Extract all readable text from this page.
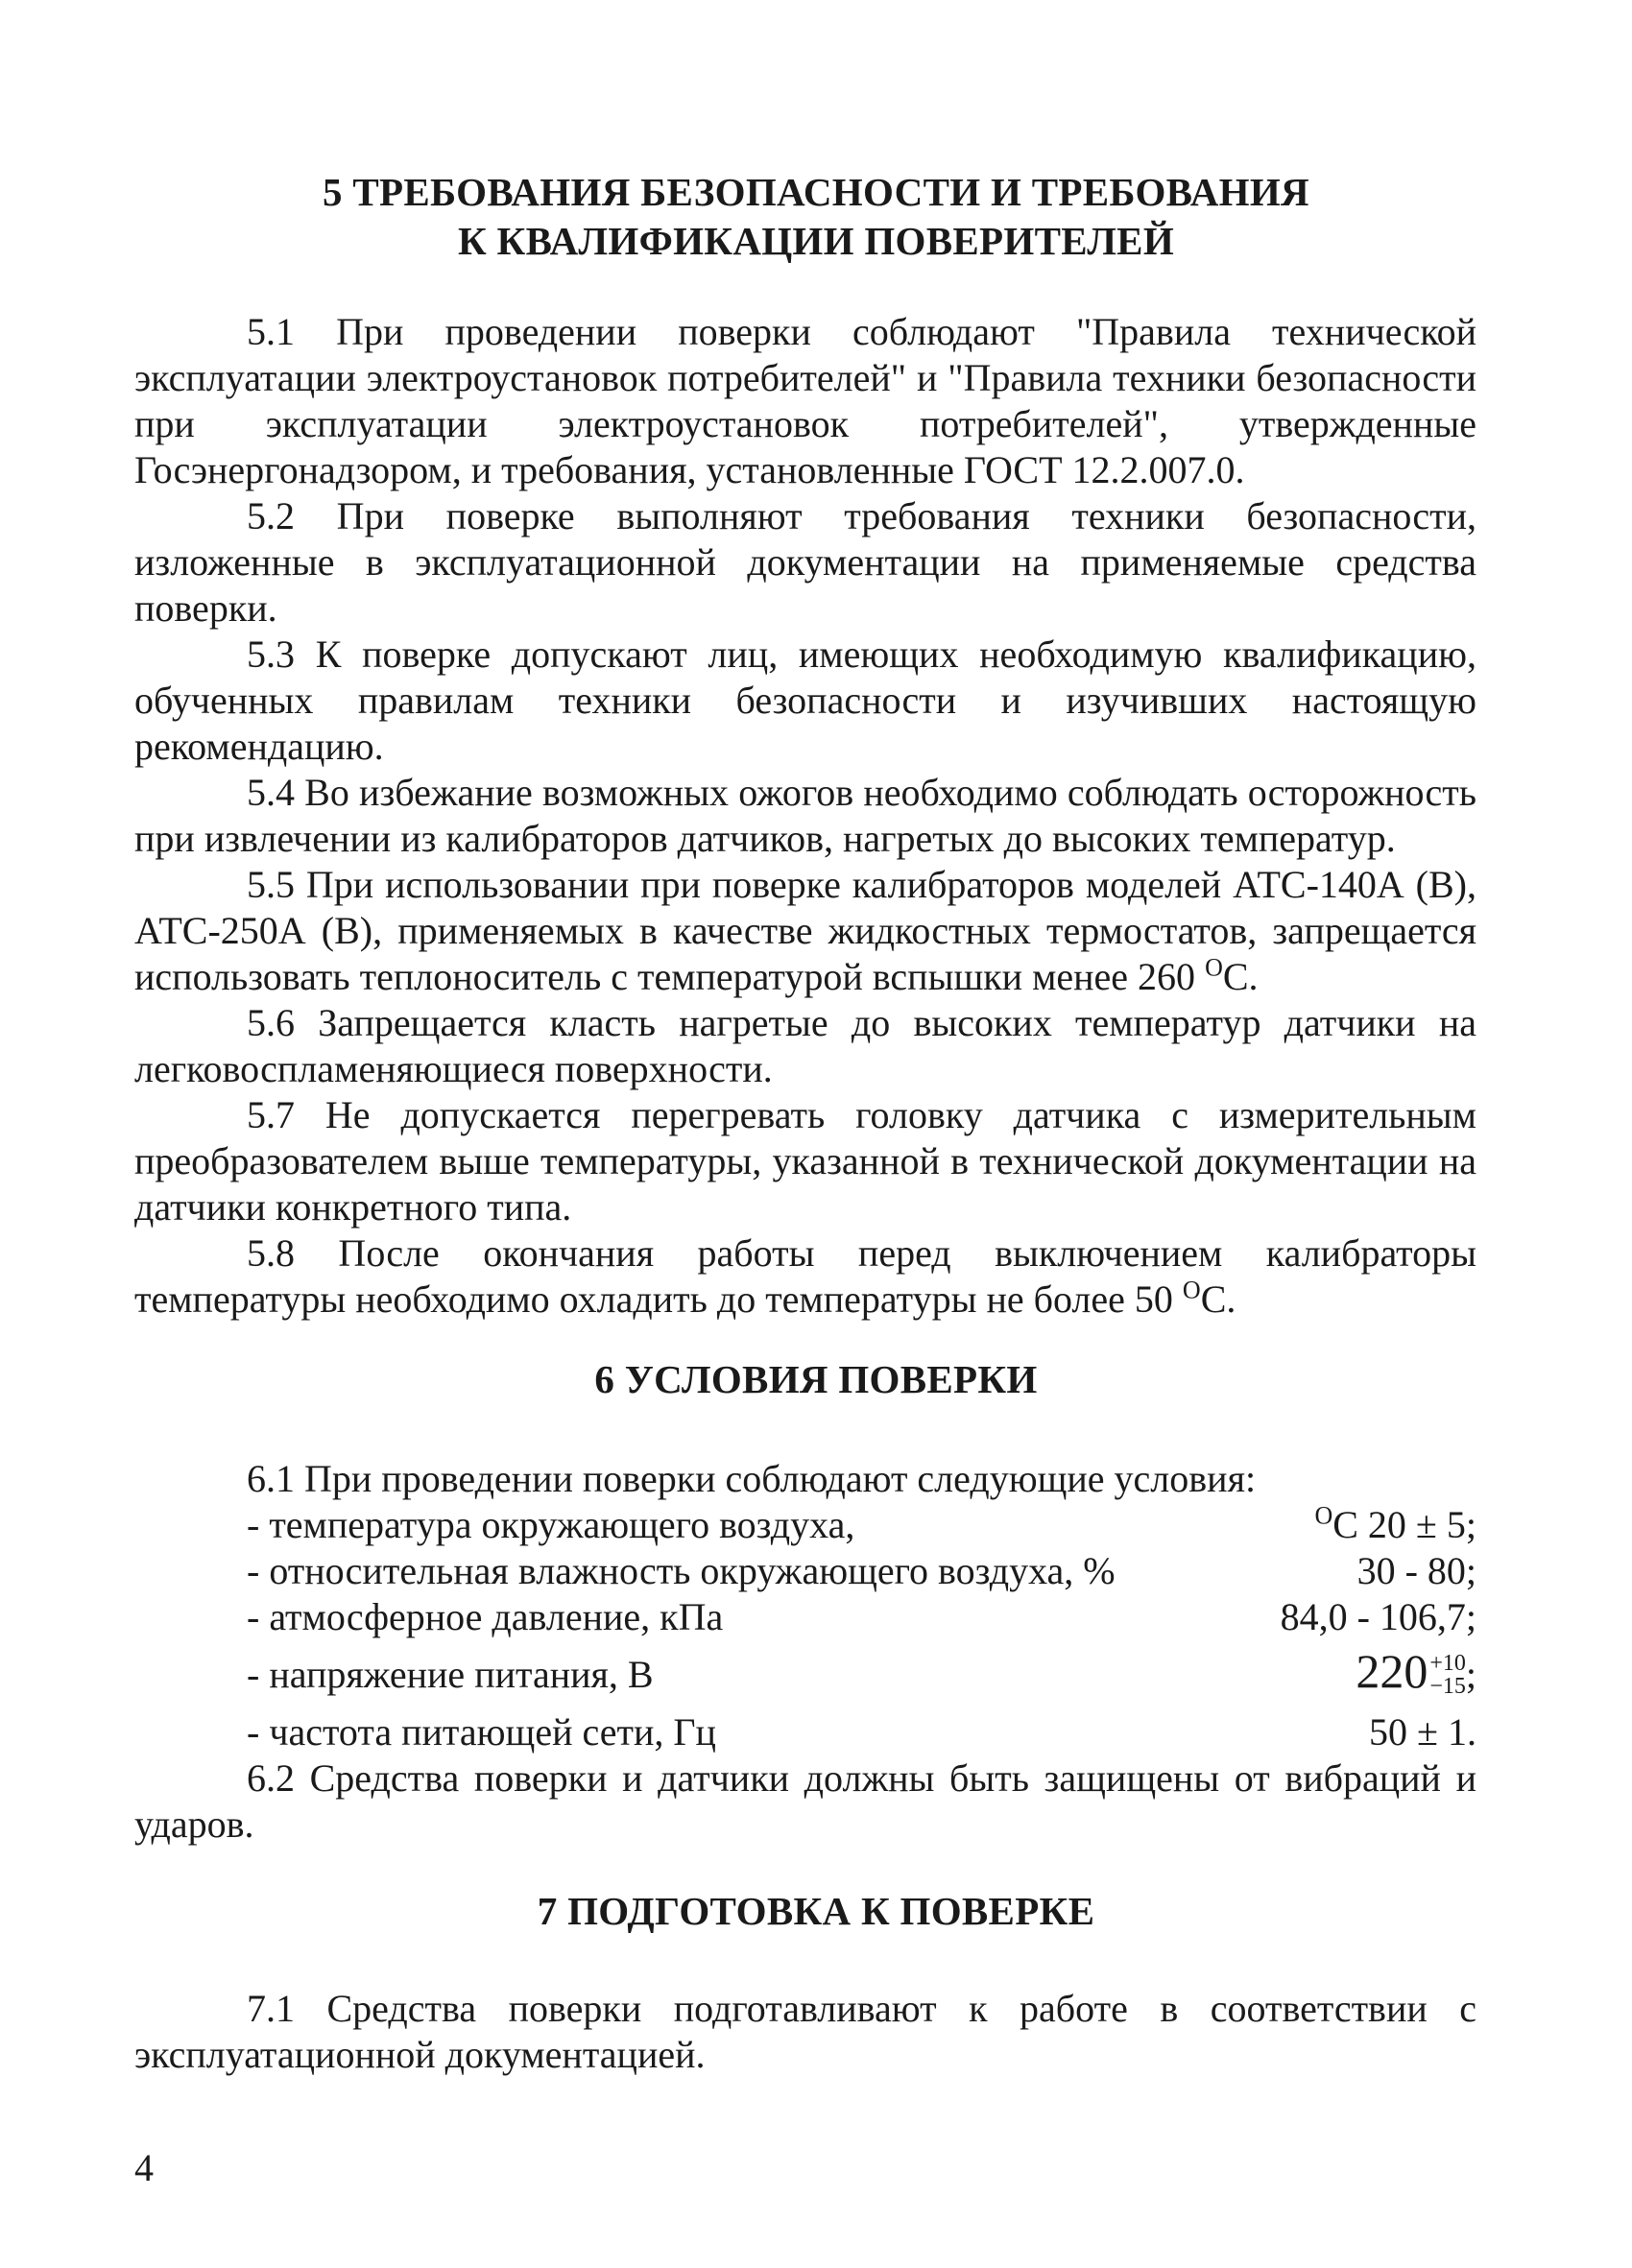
5 ТРЕБОВАНИЯ БЕЗОПАСНОСТИ И ТРЕБОВАНИЯ
К КВАЛИФИКАЦИИ ПОВЕРИТЕЛЕЙ

5.1 При проведении поверки соблюдают "Правила технической эксплуатации электроустановок потребителей" и "Правила техники безопасности при эксплуатации электроустановок потребителей", утвержденные Госэнергонадзором, и требования, установленные ГОСТ 12.2.007.0.

5.2 При поверке выполняют требования техники безопасности, изложенные в эксплуатационной документации на применяемые средства поверки.

5.3 К поверке допускают лиц, имеющих необходимую квалификацию, обученных правилам техники безопасности и изучивших настоящую рекомендацию.

5.4 Во избежание возможных ожогов необходимо соблюдать осторожность при извлечении из калибраторов датчиков, нагретых до высоких температур.

5.5 При использовании при поверке калибраторов моделей АТС-140А (В), АТС-250А (В), применяемых в качестве жидкостных термостатов, запрещается использовать теплоноситель с температурой вспышки менее 260 $^O$C.

5.6 Запрещается класть нагретые до высоких температур датчики на легковоспламеняющиеся поверхности.

5.7 Не допускается перегревать головку датчика с измерительным преобразователем выше температуры, указанной в технической документации на датчики конкретного типа.

5.8 После окончания работы перед выключением калибраторы температуры необходимо охладить до температуры не более 50 $^O$C.

6 УСЛОВИЯ ПОВЕРКИ

6.1 При проведении поверки соблюдают следующие условия:

- температура окружающего воздуха,	$^O$C 20 ± 5;
- относительная влажность окружающего воздуха, %	30 - 80;
- атмосферное давление, кПа	84,0 - 106,7;
- напряжение питания, В	220 +10
−15 ;
- частота питающей сети, Гц	50 ± 1.

6.2 Средства поверки и датчики должны быть защищены от вибраций и ударов.

7 ПОДГОТОВКА К ПОВЕРКЕ

7.1 Средства поверки подготавливают к работе в соответствии с эксплуатационной документацией.

4
